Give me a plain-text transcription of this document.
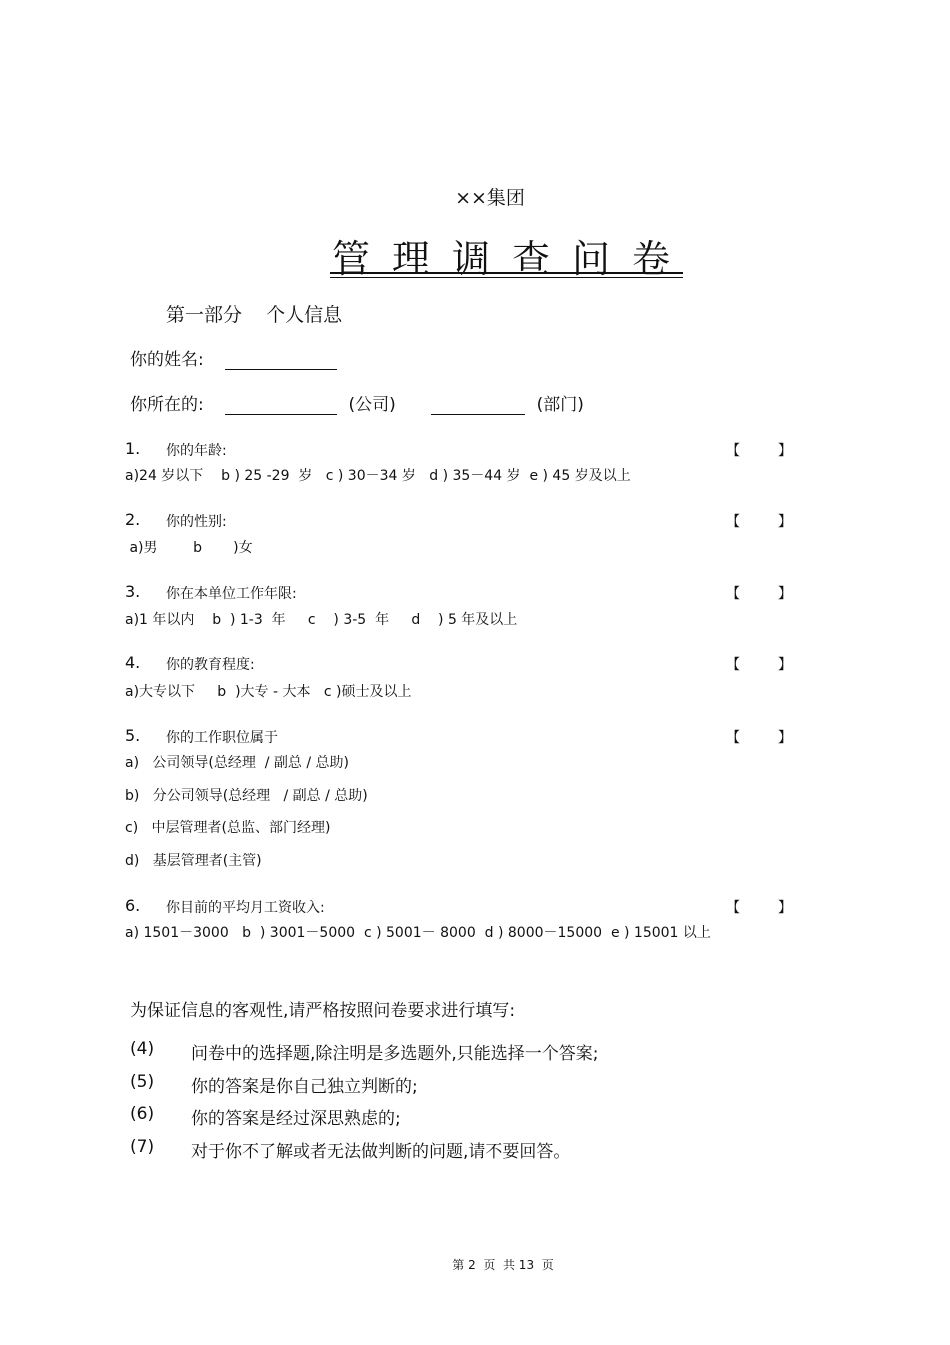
××集团
管理调查问卷
第一部分    个人信息
你的姓名:
你所在的:	(公司)	(部门)
1. 你的年龄:	【	】
a)24 岁以下    b ) 25 -29  岁   c ) 30－34 岁   d ) 35－44 岁  e ) 45 岁及以上
2. 你的性别:	【	】
a)男        b       )女
3. 你在本单位工作年限:	【	】
a)1 年以内    b  ) 1-3  年     c    ) 3-5  年     d    ) 5 年及以上
4. 你的教育程度:	【	】
a)大专以下     b  )大专 - 大本   c )硕士及以上
5. 你的工作职位属于	【	】
a)   公司领导(总经理  / 副总 / 总助)
b)   分公司领导(总经理   / 副总 / 总助)
c)   中层管理者(总监、部门经理)
d)   基层管理者(主管)
6. 你目前的平均月工资收入:	【	】
a) 1501－3000   b  ) 3001－5000  c ) 5001－ 8000  d ) 8000－15000  e ) 15001 以上
为保证信息的客观性,请严格按照问卷要求进行填写:
(4) 问卷中的选择题,除注明是多选题外,只能选择一个答案;
(5) 你的答案是你自己独立判断的;
(6) 你的答案是经过深思熟虑的;
(7) 对于你不了解或者无法做判断的问题,请不要回答。
第 2  页  共 13  页
